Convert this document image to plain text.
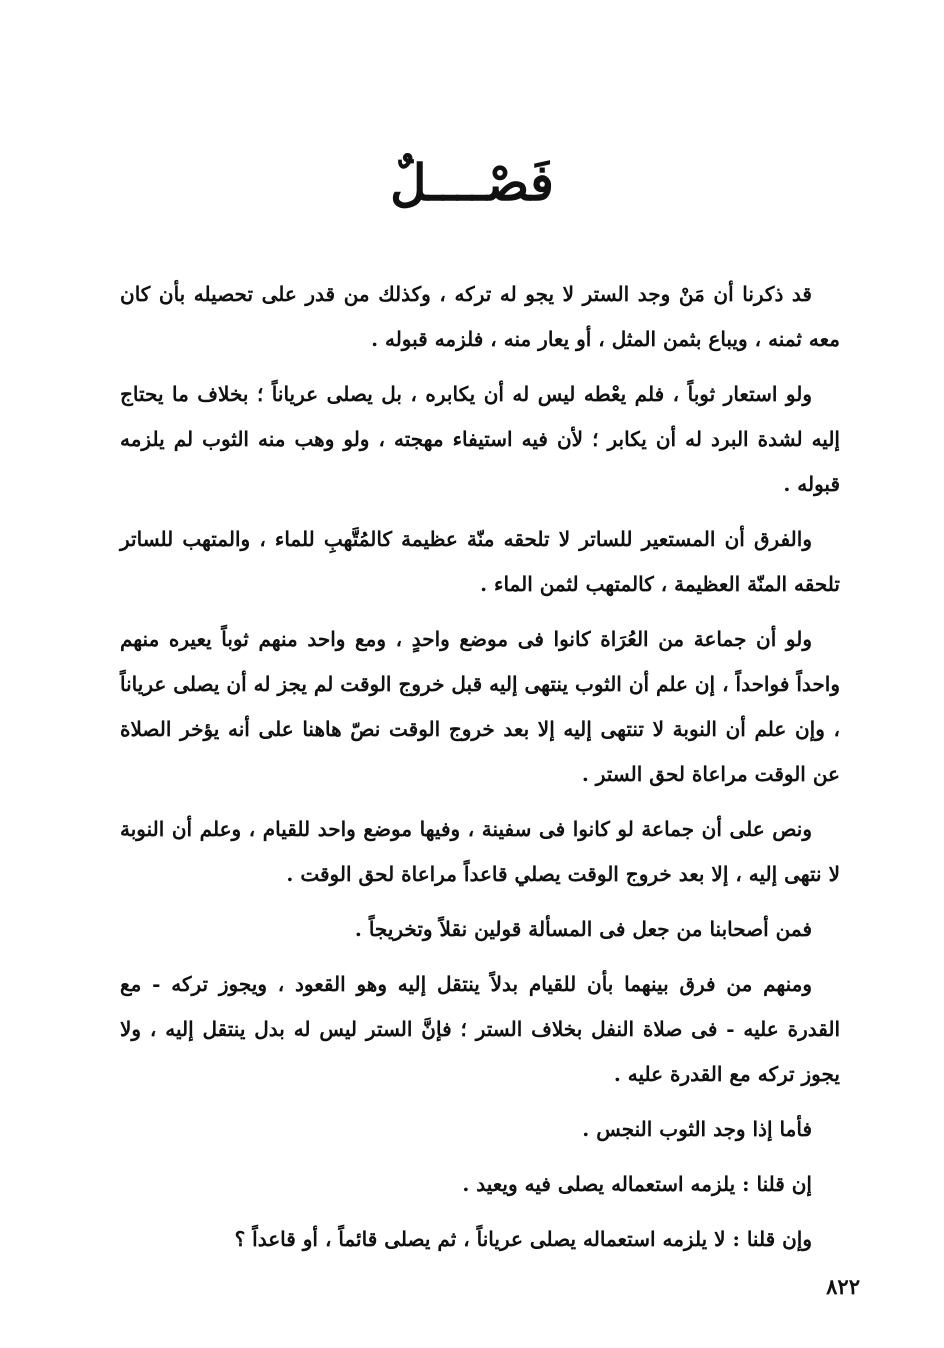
فَصْــــلٌ

قد ذكرنا أن مَنْ وجد الستر لا يجو له تركه ، وكذلك من قدر على تحصيله بأن كان معه ثمنه ، ويباع بثمن المثل ، أو يعار منه ، فلزمه قبوله .

ولو استعار ثوباً ، فلم يعْطه ليس له أن يكابره ، بل يصلى عرياناً ؛ بخلاف ما يحتاج إليه لشدة البرد له أن يكابر ؛ لأن فيه استيفاء مهجته ، ولو وهب منه الثوب لم يلزمه قبوله .

والفرق أن المستعير للساتر لا تلحقه منّة عظيمة كالمُتَّهبِ للماء ، والمتهب للساتر تلحقه المنّة العظيمة ، كالمتهب لثمن الماء .

ولو أن جماعة من العُرَاة كانوا فى موضع واحدٍ ، ومع واحد منهم ثوباً يعيره منهم واحداً فواحداً ، إن علم أن الثوب ينتهى إليه قبل خروج الوقت لم يجز له أن يصلى عرياناً ، وإن علم أن النوبة لا تنتهى إليه إلا بعد خروج الوقت نصّ هاهنا على أنه يؤخر الصلاة عن الوقت مراعاة لحق الستر .

ونص على أن جماعة لو كانوا فى سفينة ، وفيها موضع واحد للقيام ، وعلم أن النوبة لا نتهى إليه ، إلا بعد خروج الوقت يصلي قاعداً مراعاة لحق الوقت .

فمن أصحابنا من جعل فى المسألة قولين نقلاً وتخريجاً .

ومنهم من فرق بينهما بأن للقيام بدلاً ينتقل إليه وهو القعود ، ويجوز تركه - مع القدرة عليه - فى صلاة النفل بخلاف الستر ؛ فإنَّ الستر ليس له بدل ينتقل إليه ، ولا يجوز تركه مع القدرة عليه .

فأما إذا وجد الثوب النجس .

إن قلنا : يلزمه استعماله يصلى فيه ويعيد .

وإن قلنا : لا يلزمه استعماله يصلى عرياناً ، ثم يصلى قائماً ، أو قاعداً ؟

٨٢٢
